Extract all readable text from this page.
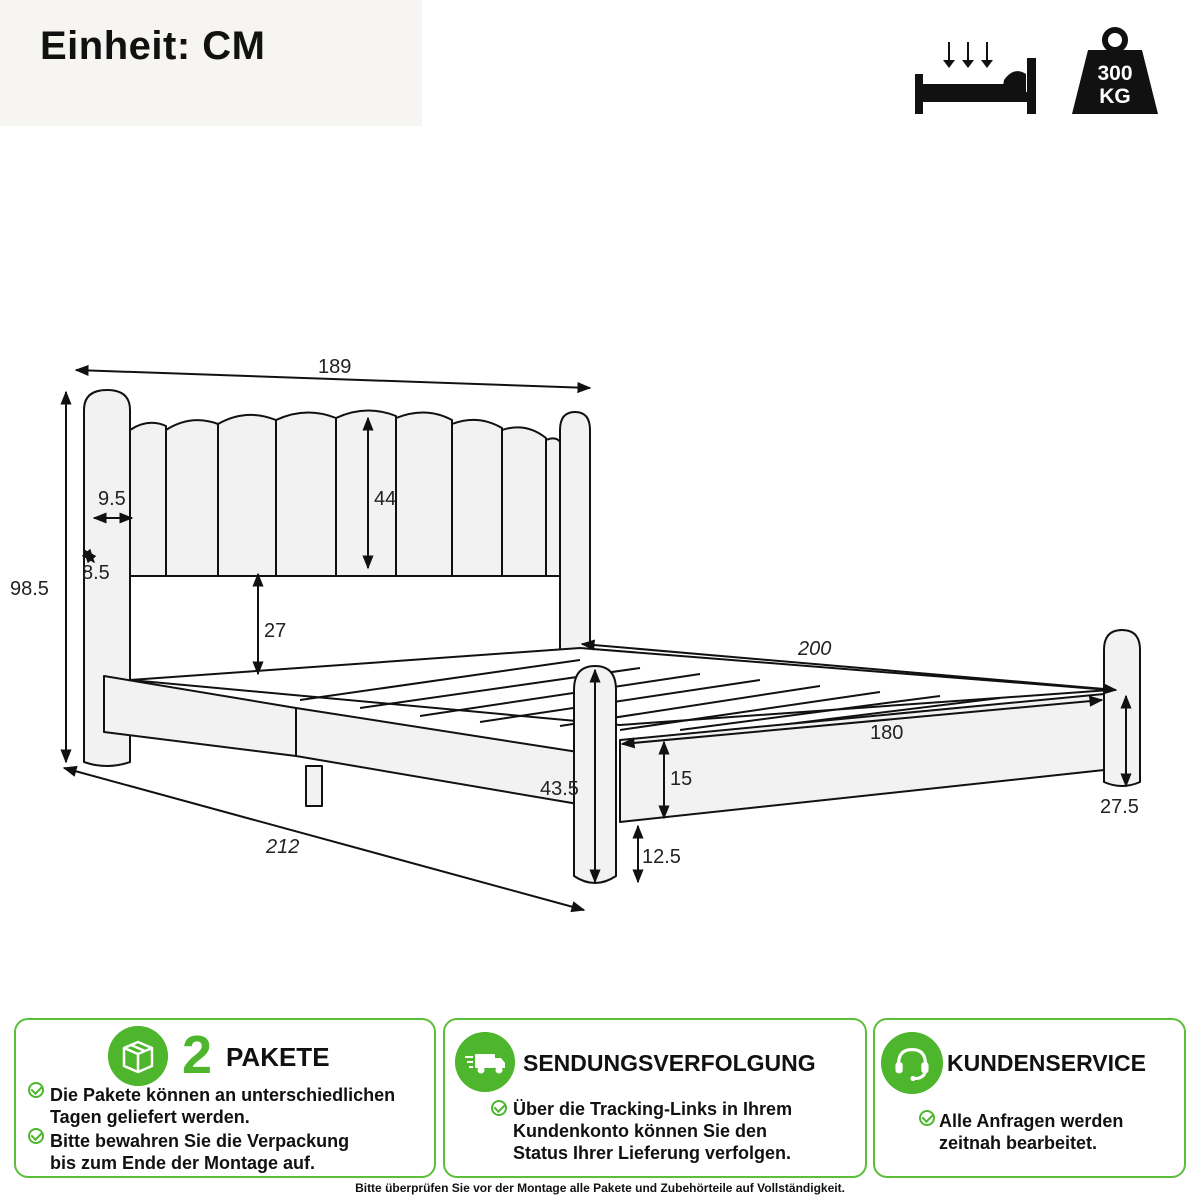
Einheit: CM
300
KG
189
44
9.5
8.5
98.5
27
200
180
212
43.5	15
12.5
27.5
2 PAKETE
Die Pakete können an unterschiedlichen
Tagen geliefert werden.
Bitte bewahren Sie die Verpackung
bis zum Ende der Montage auf.
SENDUNGSVERFOLGUNG
Über die Tracking-Links in Ihrem
Kundenkonto können Sie den
Status Ihrer Lieferung verfolgen.
KUNDENSERVICE
Alle Anfragen werden
zeitnah bearbeitet.
Bitte überprüfen Sie vor der Montage alle Pakete und Zubehörteile auf Vollständigkeit.
